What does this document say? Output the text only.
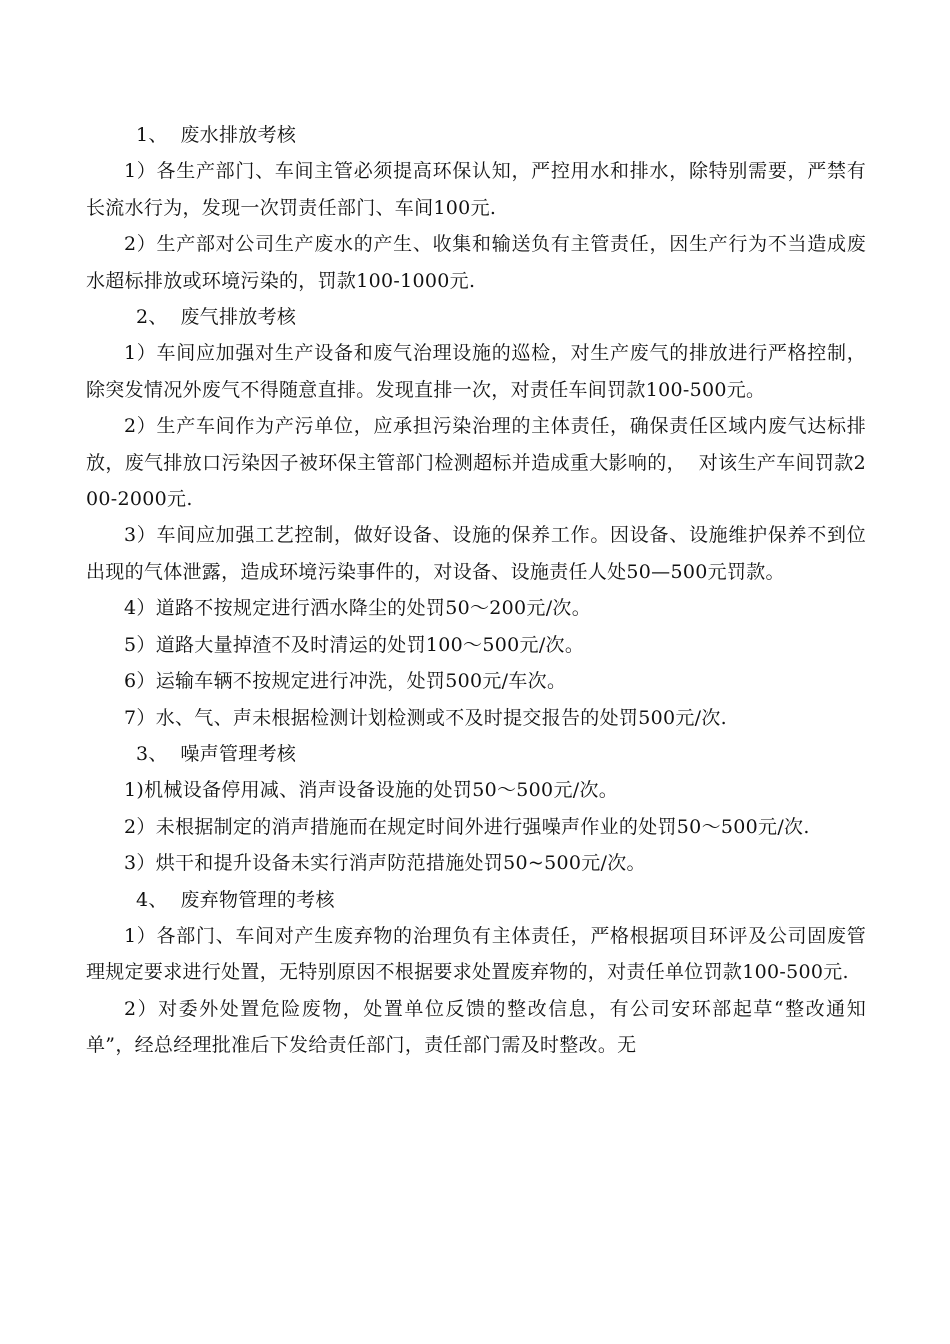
1、  废水排放考核

1）各生产部门、车间主管必须提高环保认知，严控用水和排水，除特别需要，严禁有长流水行为，发现一次罚责任部门、车间100元.

2）生产部对公司生产废水的产生、收集和输送负有主管责任，因生产行为不当造成废水超标排放或环境污染的，罚款100-1000元.

2、  废气排放考核

1）车间应加强对生产设备和废气治理设施的巡检，对生产废气的排放进行严格控制，除突发情况外废气不得随意直排。发现直排一次，对责任车间罚款100-500元。

2）生产车间作为产污单位，应承担污染治理的主体责任，确保责任区域内废气达标排放，废气排放口污染因子被环保主管部门检测超标并造成重大影响的，  对该生产车间罚款200-2000元.

3）车间应加强工艺控制，做好设备、设施的保养工作。因设备、设施维护保养不到位出现的气体泄露，造成环境污染事件的，对设备、设施责任人处50—500元罚款。

4）道路不按规定进行洒水降尘的处罚50～200元/次。

5）道路大量掉渣不及时清运的处罚100～500元/次。

6）运输车辆不按规定进行冲洗，处罚500元/车次。

7）水、气、声未根据检测计划检测或不及时提交报告的处罚500元/次.

3、  噪声管理考核

1)机械设备停用减、消声设备设施的处罚50～500元/次。

2）未根据制定的消声措施而在规定时间外进行强噪声作业的处罚50～500元/次.

3）烘干和提升设备未实行消声防范措施处罚50~500元/次。

4、  废弃物管理的考核

1）各部门、车间对产生废弃物的治理负有主体责任，严格根据项目环评及公司固废管理规定要求进行处置，无特别原因不根据要求处置废弃物的，对责任单位罚款100-500元.

2）对委外处置危险废物，处置单位反馈的整改信息，有公司安环部起草“整改通知单”，经总经理批准后下发给责任部门，责任部门需及时整改。无
